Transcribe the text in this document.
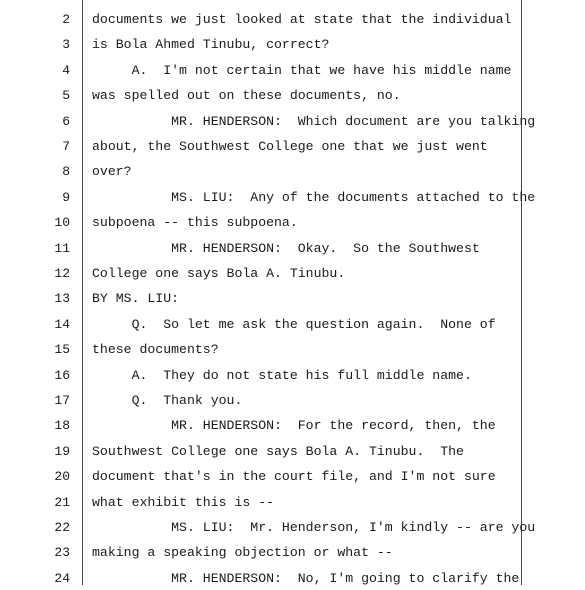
2 documents we just looked at state that the individual
3 is Bola Ahmed Tinubu, correct?
4 A.  I'm not certain that we have his middle name
5 was spelled out on these documents, no.
6 MR. HENDERSON:  Which document are you talking
7 about, the Southwest College one that we just went
8 over?
9 MS. LIU:  Any of the documents attached to the
10 subpoena -- this subpoena.
11 MR. HENDERSON:  Okay.  So the Southwest
12 College one says Bola A. Tinubu.
13 BY MS. LIU:
14 Q.  So let me ask the question again.  None of
15 these documents?
16 A.  They do not state his full middle name.
17 Q.  Thank you.
18 MR. HENDERSON:  For the record, then, the
19 Southwest College one says Bola A. Tinubu.  The
20 document that's in the court file, and I'm not sure
21 what exhibit this is --
22 MS. LIU:  Mr. Henderson, I'm kindly -- are you
23 making a speaking objection or what --
24 MR. HENDERSON:  No, I'm going to clarify the
